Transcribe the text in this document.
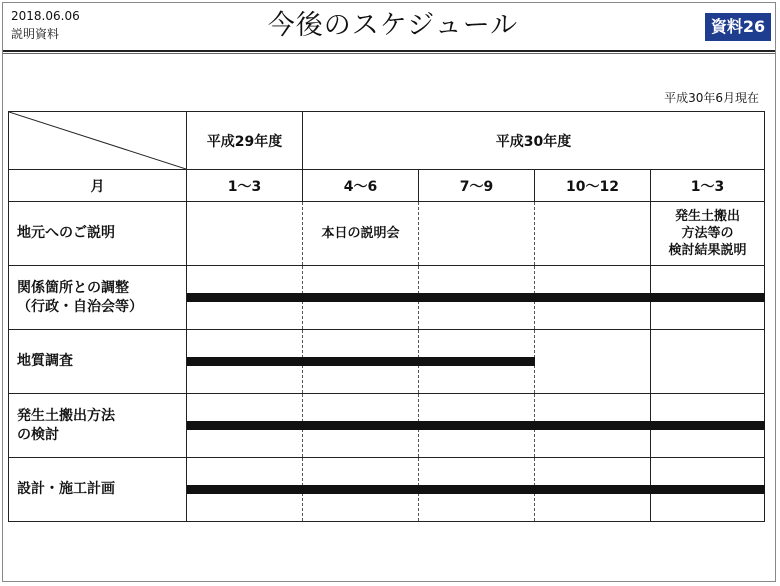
2018.06.06
説明資料	今後のスケジュール	資料26
平成30年6月現在
	平成29年度	平成30年度			
月	1～3	4～6	7～9	10～12	1～3
地元へのご説明		本日の説明会			発生土搬出
方法等の
検討結果説明

関係箇所との調整
（行政・自治会等）					
地質調査					
発生土搬出方法
の検討					
設計・施工計画					
